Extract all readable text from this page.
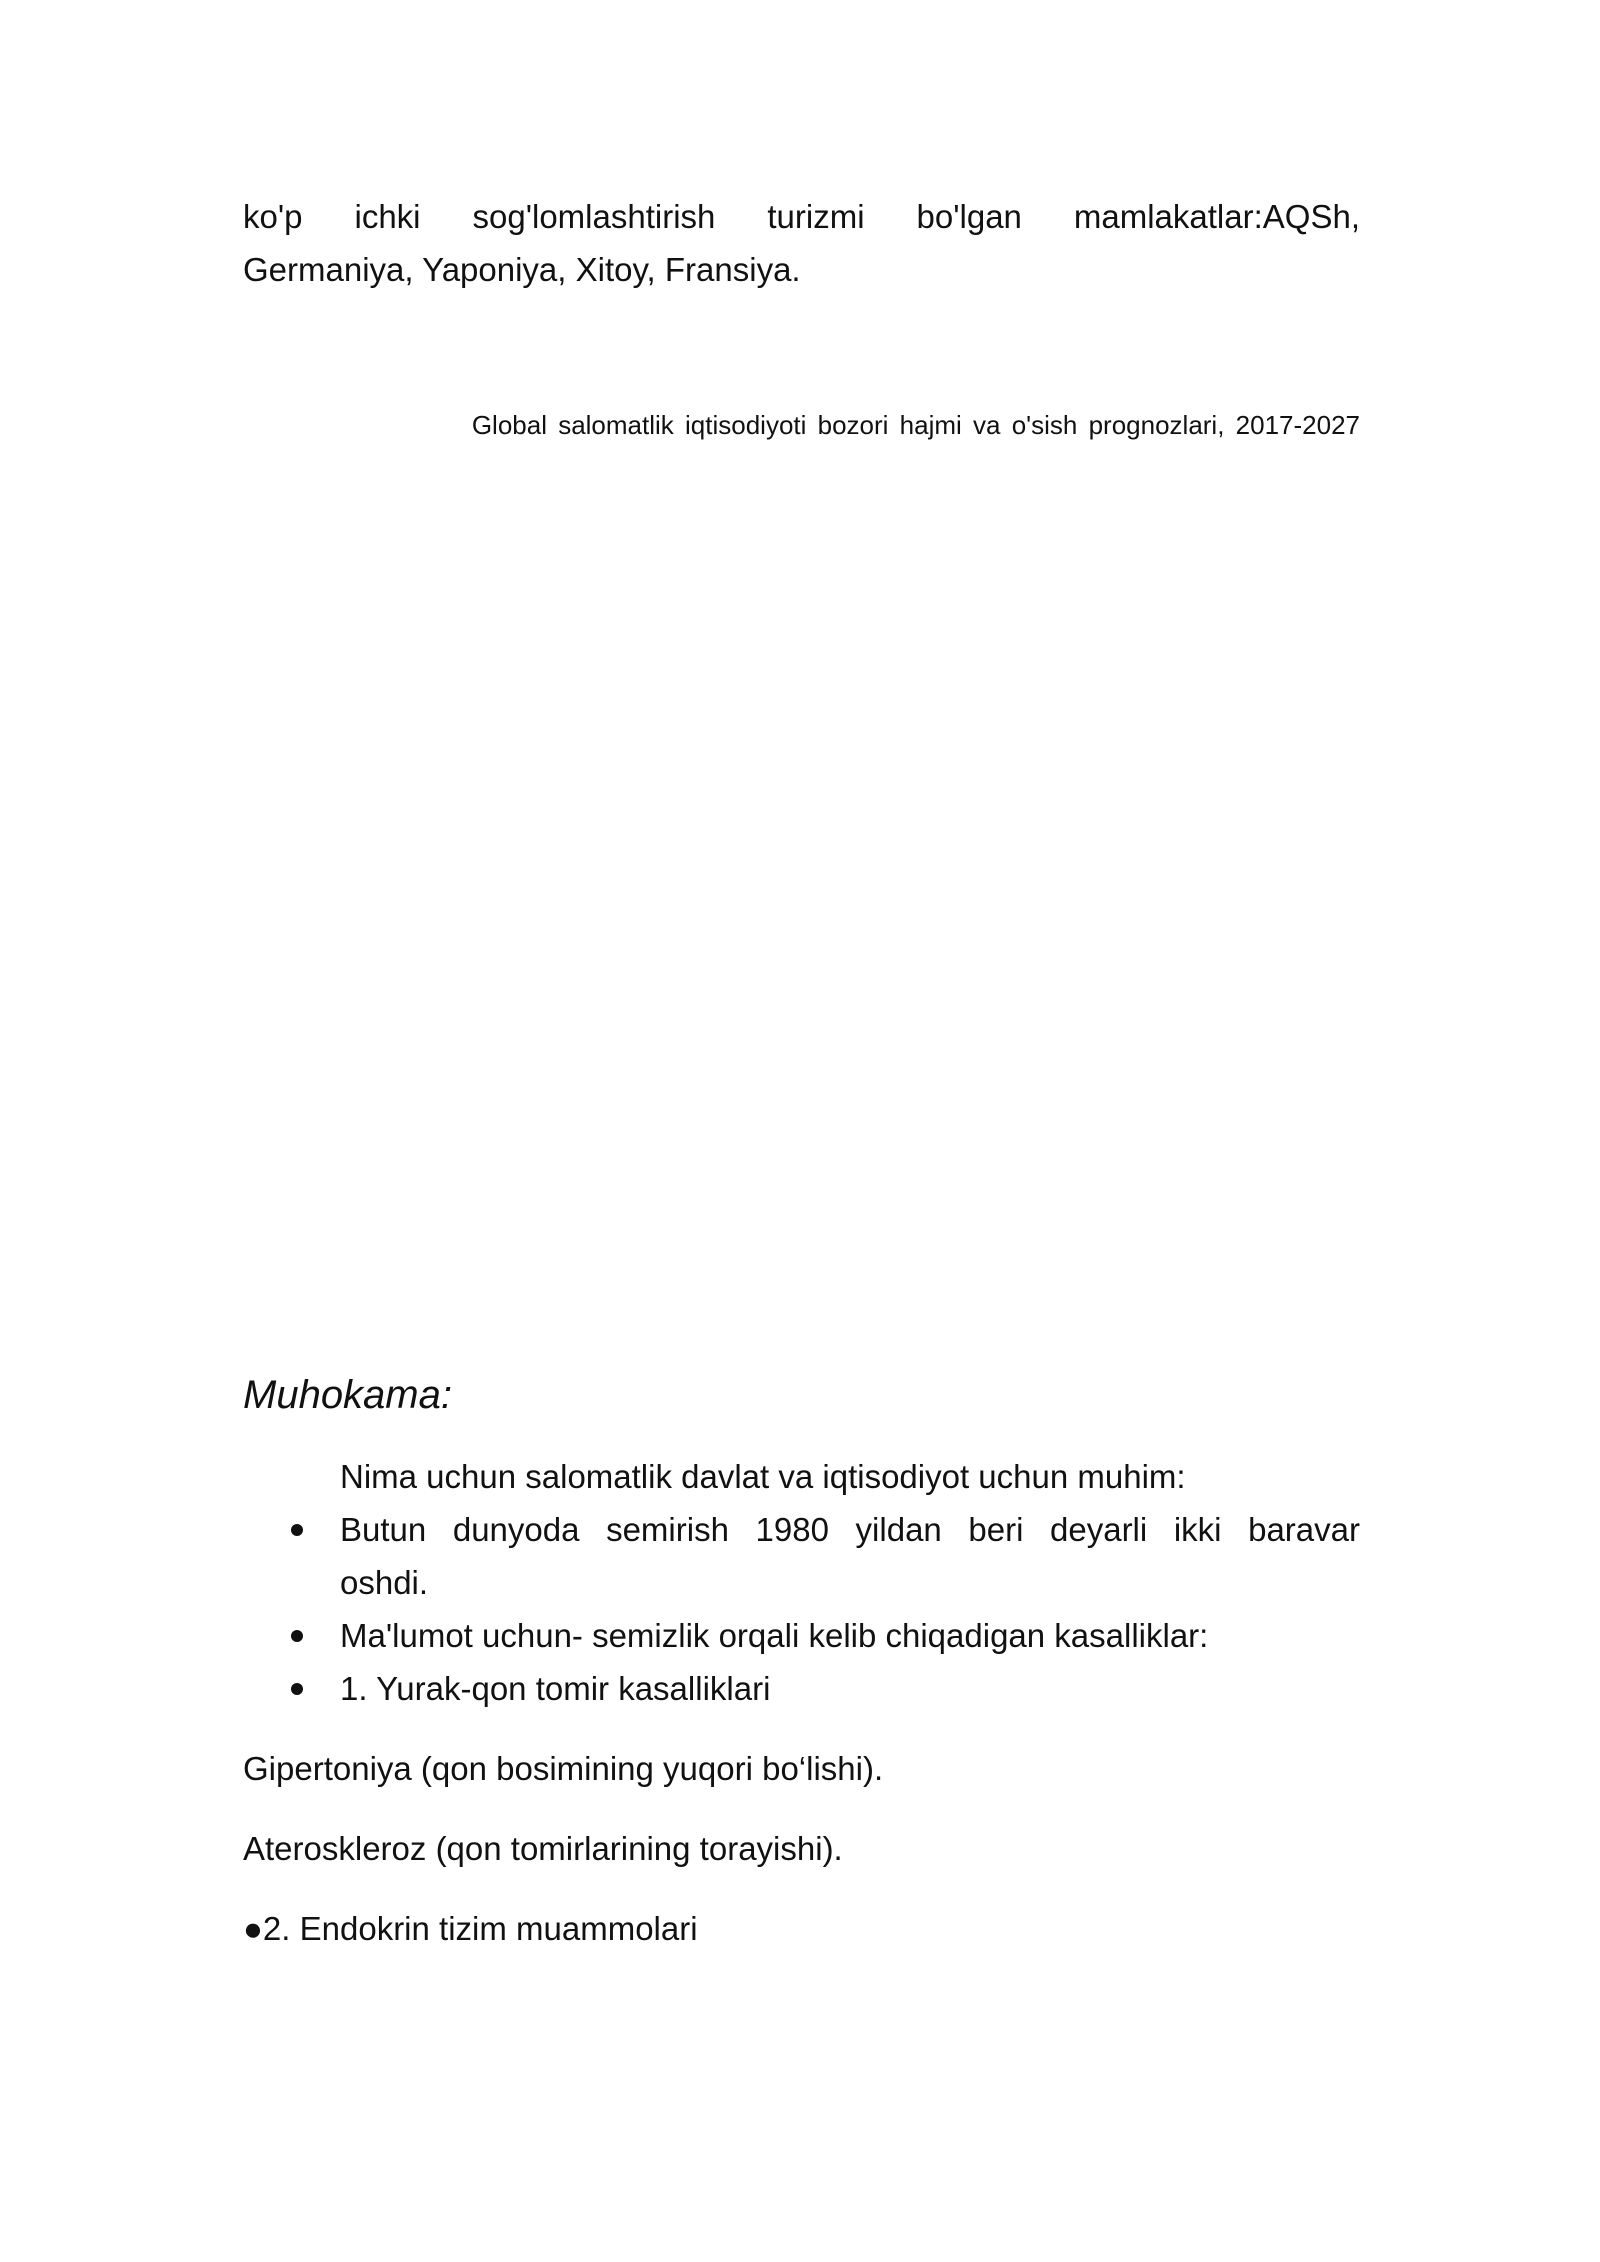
ko'p ichki sog'lomlashtirish turizmi bo'lgan mamlakatlar:AQSh,
Germaniya, Yaponiya, Xitoy, Fransiya.
Global salomatlik iqtisodiyoti bozori hajmi va o'sish prognozlari, 2017-2027
Muhokama:
Nima uchun salomatlik davlat va iqtisodiyot uchun muhim:
Butun dunyoda semirish 1980 yildan beri deyarli ikki baravar
oshdi.
Ma'lumot uchun- semizlik orqali kelib chiqadigan kasalliklar:
1. Yurak-qon tomir kasalliklari
Gipertoniya (qon bosimining yuqori bo‘lishi).
Ateroskleroz (qon tomirlarining torayishi).
●2. Endokrin tizim muammolari
